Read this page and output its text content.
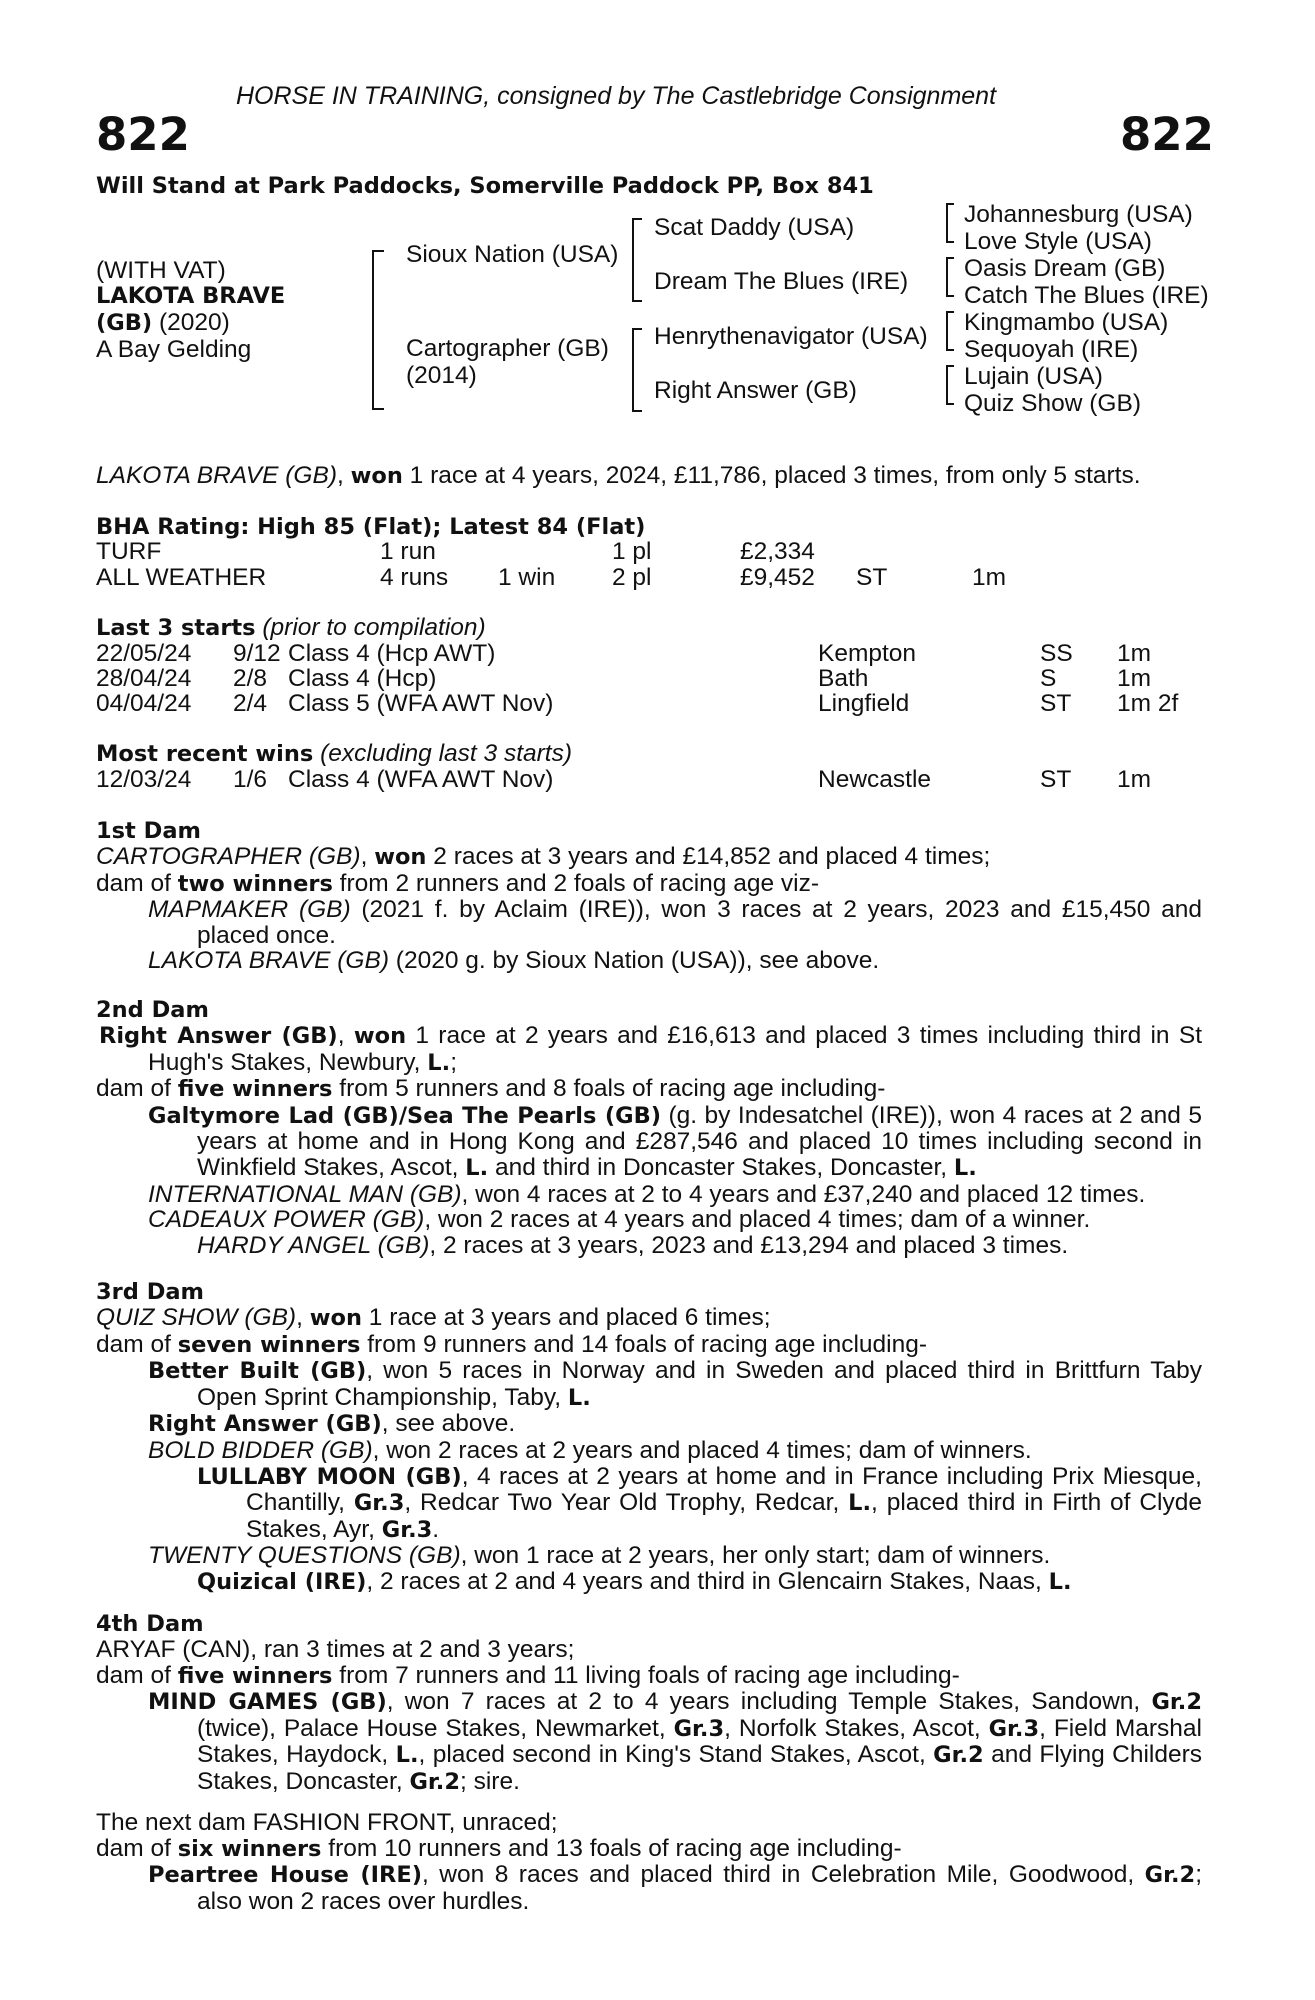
HORSE IN TRAINING, consigned by The Castlebridge Consignment
822	822
Will Stand at Park Paddocks, Somerville Paddock PP, Box 841
(WITH VAT)
LAKOTA BRAVE
(GB) (2020)
A Bay Gelding
Sioux Nation (USA)
Cartographer (GB)
(2014)
Scat Daddy (USA)
Dream The Blues (IRE)
Henrythenavigator (USA)
Right Answer (GB)
Johannesburg (USA)
Love Style (USA)
Oasis Dream (GB)
Catch The Blues (IRE)
Kingmambo (USA)
Sequoyah (IRE)
Lujain (USA)
Quiz Show (GB)
LAKOTA BRAVE (GB), won 1 race at 4 years, 2024, £11,786, placed 3 times, from only 5 starts.
BHA Rating: High 85 (Flat); Latest 84 (Flat)
TURF	1 run	1 pl	£2,334
ALL WEATHER	4 runs 1 win 2 pl	£9,452 ST	1m
Last 3 starts (prior to compilation)
22/05/24 9/12 Class 4 (Hcp AWT)	Kempton	SS 1m
28/04/24 2/8 Class 4 (Hcp)	Bath	S 1m
04/04/24 2/4 Class 5 (WFA AWT Nov)	Lingfield	ST 1m 2f
Most recent wins (excluding last 3 starts)
12/03/24 1/6 Class 4 (WFA AWT Nov)	Newcastle	ST 1m

1st Dam

CARTOGRAPHER (GB), won 2 races at 3 years and £14,852 and placed 4 times;

dam of two winners from 2 runners and 2 foals of racing age viz-

MAPMAKER (GB) (2021 f. by Aclaim (IRE)), won 3 races at 2 years, 2023 and £15,450 and placed once.

LAKOTA BRAVE (GB) (2020 g. by Sioux Nation (USA)), see above.

2nd Dam

Right Answer (GB), won 1 race at 2 years and £16,613 and placed 3 times including third in St Hugh's Stakes, Newbury, L.;

dam of five winners from 5 runners and 8 foals of racing age including-

Galtymore Lad (GB)/Sea The Pearls (GB) (g. by Indesatchel (IRE)), won 4 races at 2 and 5 years at home and in Hong Kong and £287,546 and placed 10 times including second in Winkfield Stakes, Ascot, L. and third in Doncaster Stakes, Doncaster, L.

INTERNATIONAL MAN (GB), won 4 races at 2 to 4 years and £37,240 and placed 12 times.

CADEAUX POWER (GB), won 2 races at 4 years and placed 4 times; dam of a winner.

HARDY ANGEL (GB), 2 races at 3 years, 2023 and £13,294 and placed 3 times.

3rd Dam

QUIZ SHOW (GB), won 1 race at 3 years and placed 6 times;

dam of seven winners from 9 runners and 14 foals of racing age including-

Better Built (GB), won 5 races in Norway and in Sweden and placed third in Brittfurn Taby Open Sprint Championship, Taby, L.

Right Answer (GB), see above.

BOLD BIDDER (GB), won 2 races at 2 years and placed 4 times; dam of winners.

LULLABY MOON (GB), 4 races at 2 years at home and in France including Prix Miesque, Chantilly, Gr.3, Redcar Two Year Old Trophy, Redcar, L., placed third in Firth of Clyde Stakes, Ayr, Gr.3.

TWENTY QUESTIONS (GB), won 1 race at 2 years, her only start; dam of winners.

Quizical (IRE), 2 races at 2 and 4 years and third in Glencairn Stakes, Naas, L.

4th Dam

ARYAF (CAN), ran 3 times at 2 and 3 years;

dam of five winners from 7 runners and 11 living foals of racing age including-

MIND GAMES (GB), won 7 races at 2 to 4 years including Temple Stakes, Sandown, Gr.2 (twice), Palace House Stakes, Newmarket, Gr.3, Norfolk Stakes, Ascot, Gr.3, Field Marshal Stakes, Haydock, L., placed second in King's Stand Stakes, Ascot, Gr.2 and Flying Childers Stakes, Doncaster, Gr.2; sire.

The next dam FASHION FRONT, unraced;

dam of six winners from 10 runners and 13 foals of racing age including-

Peartree House (IRE), won 8 races and placed third in Celebration Mile, Goodwood, Gr.2; also won 2 races over hurdles.
